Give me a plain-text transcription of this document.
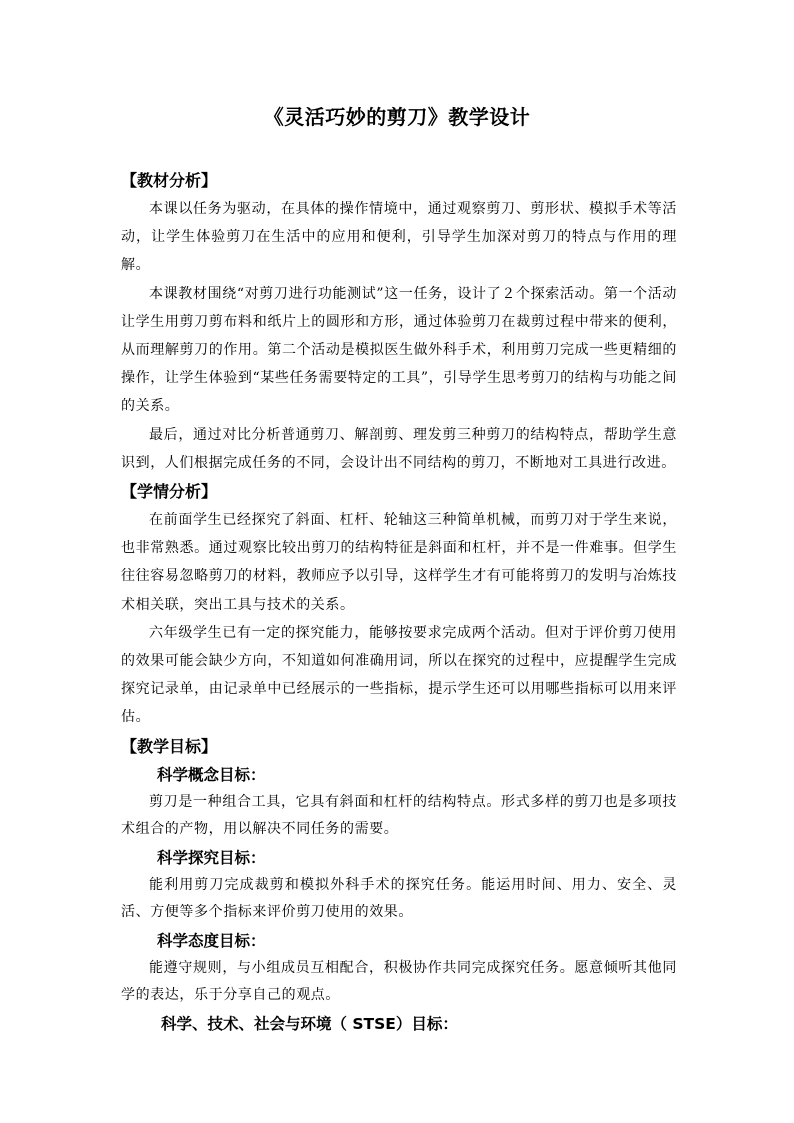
《灵活巧妙的剪刀》教学设计
【教材分析】

本课以任务为驱动，在具体的操作情境中，通过观察剪刀、剪形状、模拟手术等活动，让学生体验剪刀在生活中的应用和便利，引导学生加深对剪刀的特点与作用的理解。

本课教材围绕“对剪刀进行功能测试”这一任务，设计了２个探索活动。第一个活动让学生用剪刀剪布料和纸片上的圆形和方形，通过体验剪刀在裁剪过程中带来的便利，从而理解剪刀的作用。第二个活动是模拟医生做外科手术，利用剪刀完成一些更精细的操作，让学生体验到“某些任务需要特定的工具”，引导学生思考剪刀的结构与功能之间的关系。

最后，通过对比分析普通剪刀、解剖剪、理发剪三种剪刀的结构特点，帮助学生意识到，人们根据完成任务的不同，会设计出不同结构的剪刀，不断地对工具进行改进。

【学情分析】

在前面学生已经探究了斜面、杠杆、轮轴这三种简单机械，而剪刀对于学生来说，也非常熟悉。通过观察比较出剪刀的结构特征是斜面和杠杆，并不是一件难事。但学生往往容易忽略剪刀的材料，教师应予以引导，这样学生才有可能将剪刀的发明与冶炼技术相关联，突出工具与技术的关系。

六年级学生已有一定的探究能力，能够按要求完成两个活动。但对于评价剪刀使用的效果可能会缺少方向，不知道如何准确用词，所以在探究的过程中，应提醒学生完成探究记录单，由记录单中已经展示的一些指标，提示学生还可以用哪些指标可以用来评估。

【教学目标】
科学概念目标：

剪刀是一种组合工具，它具有斜面和杠杆的结构特点。形式多样的剪刀也是多项技术组合的产物，用以解决不同任务的需要。

科学探究目标：

能利用剪刀完成裁剪和模拟外科手术的探究任务。能运用时间、用力、安全、灵活、方便等多个指标来评价剪刀使用的效果。

科学态度目标：

能遵守规则，与小组成员互相配合，积极协作共同完成探究任务。愿意倾听其他同学的表达，乐于分享自己的观点。

科学、技术、社会与环境（ STSE）目标：
